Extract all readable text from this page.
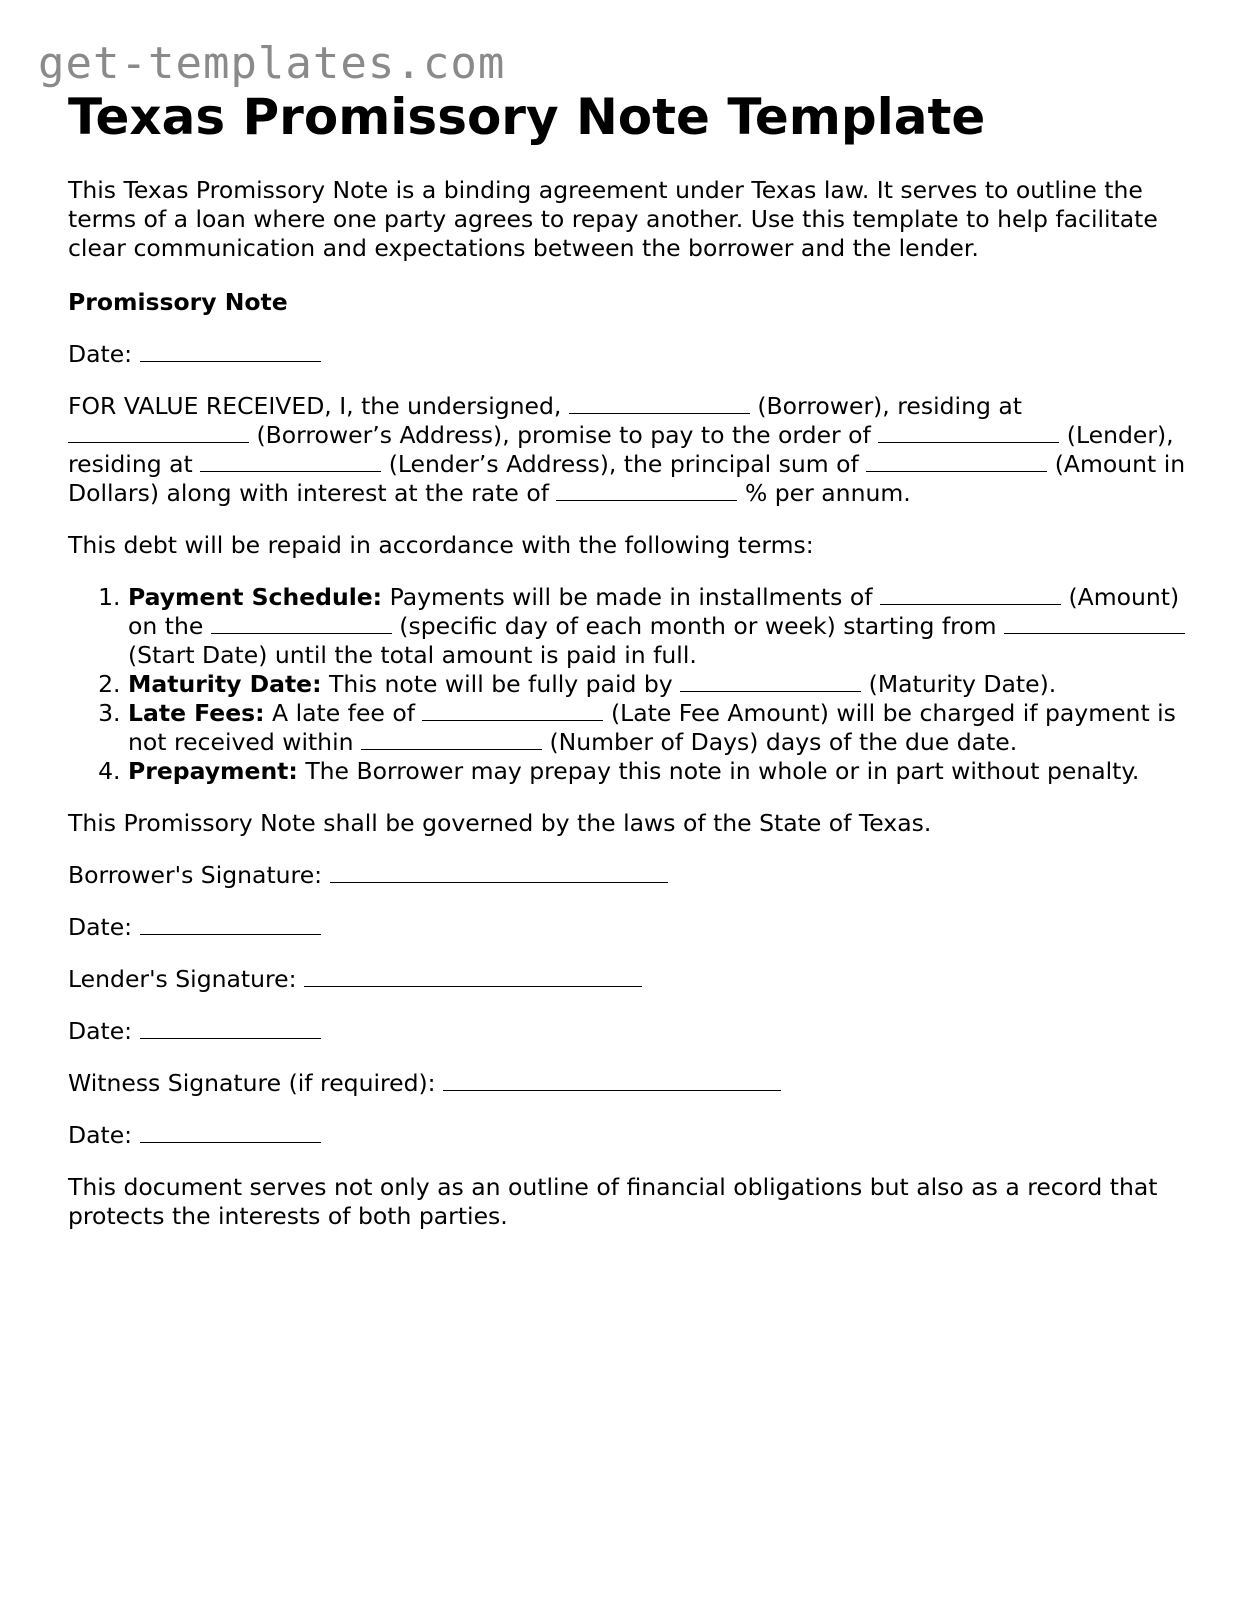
get-templates.com
Texas Promissory Note Template

This Texas Promissory Note is a binding agreement under Texas law. It serves to outline the terms of a loan where one party agrees to repay another. Use this template to help facilitate clear communication and expectations between the borrower and the lender.

Promissory Note

Date:

FOR VALUE RECEIVED, I, the undersigned,	(Borrower), residing at  (Borrower’s Address), promise to pay to the order of	(Lender), residing at	(Lender’s Address), the principal sum of	(Amount in Dollars) along with interest at the rate of	% per annum.

This debt will be repaid in accordance with the following terms:

1. Payment Schedule: Payments will be made in installments of	(Amount) on the	(specific day of each month or week) starting from  (Start Date) until the total amount is paid in full.
2. Maturity Date: This note will be fully paid by	(Maturity Date).
3. Late Fees: A late fee of	(Late Fee Amount) will be charged if payment is not received within	(Number of Days) days of the due date.
4. Prepayment: The Borrower may prepay this note in whole or in part without penalty.

This Promissory Note shall be governed by the laws of the State of Texas.

Borrower's Signature:

Date:

Lender's Signature:

Date:

Witness Signature (if required):

Date:

This document serves not only as an outline of financial obligations but also as a record that protects the interests of both parties.
